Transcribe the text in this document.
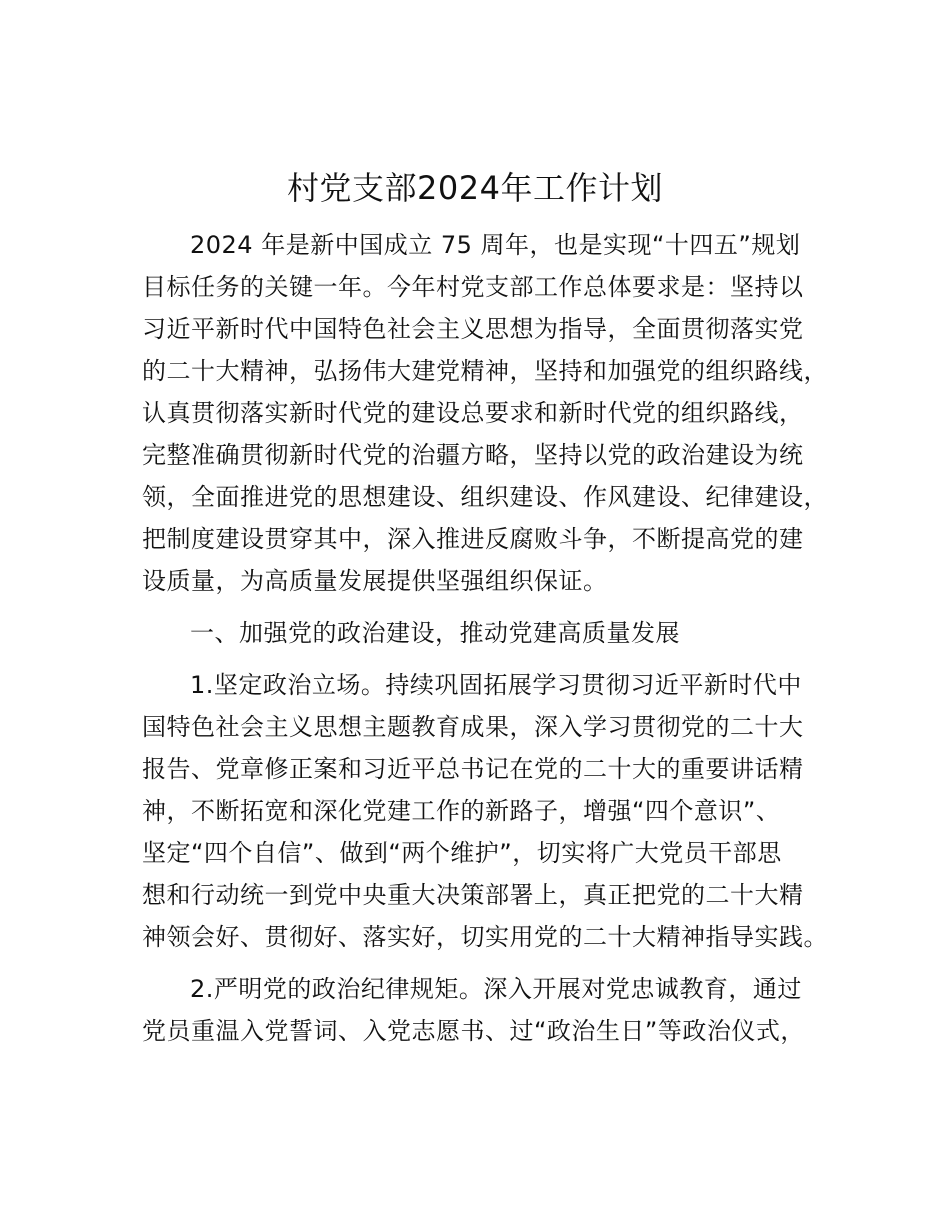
村党支部2024年工作计划
2024 年是新中国成立 75 周年，也是实现“十四五”规划
目标任务的关键一年。今年村党支部工作总体要求是：坚持以
习近平新时代中国特色社会主义思想为指导，全面贯彻落实党
的二十大精神，弘扬伟大建党精神，坚持和加强党的组织路线，
认真贯彻落实新时代党的建设总要求和新时代党的组织路线，
完整准确贯彻新时代党的治疆方略，坚持以党的政治建设为统
领，全面推进党的思想建设、组织建设、作风建设、纪律建设，
把制度建设贯穿其中，深入推进反腐败斗争，不断提高党的建
设质量，为高质量发展提供坚强组织保证。
一、加强党的政治建设，推动党建高质量发展
1.坚定政治立场。持续巩固拓展学习贯彻习近平新时代中
国特色社会主义思想主题教育成果，深入学习贯彻党的二十大
报告、党章修正案和习近平总书记在党的二十大的重要讲话精
神，不断拓宽和深化党建工作的新路子，增强“四个意识”、
坚定“四个自信”、做到“两个维护”，切实将广大党员干部思
想和行动统一到党中央重大决策部署上，真正把党的二十大精
神领会好、贯彻好、落实好，切实用党的二十大精神指导实践。
2.严明党的政治纪律规矩。深入开展对党忠诚教育，通过
党员重温入党誓词、入党志愿书、过“政治生日”等政治仪式，
